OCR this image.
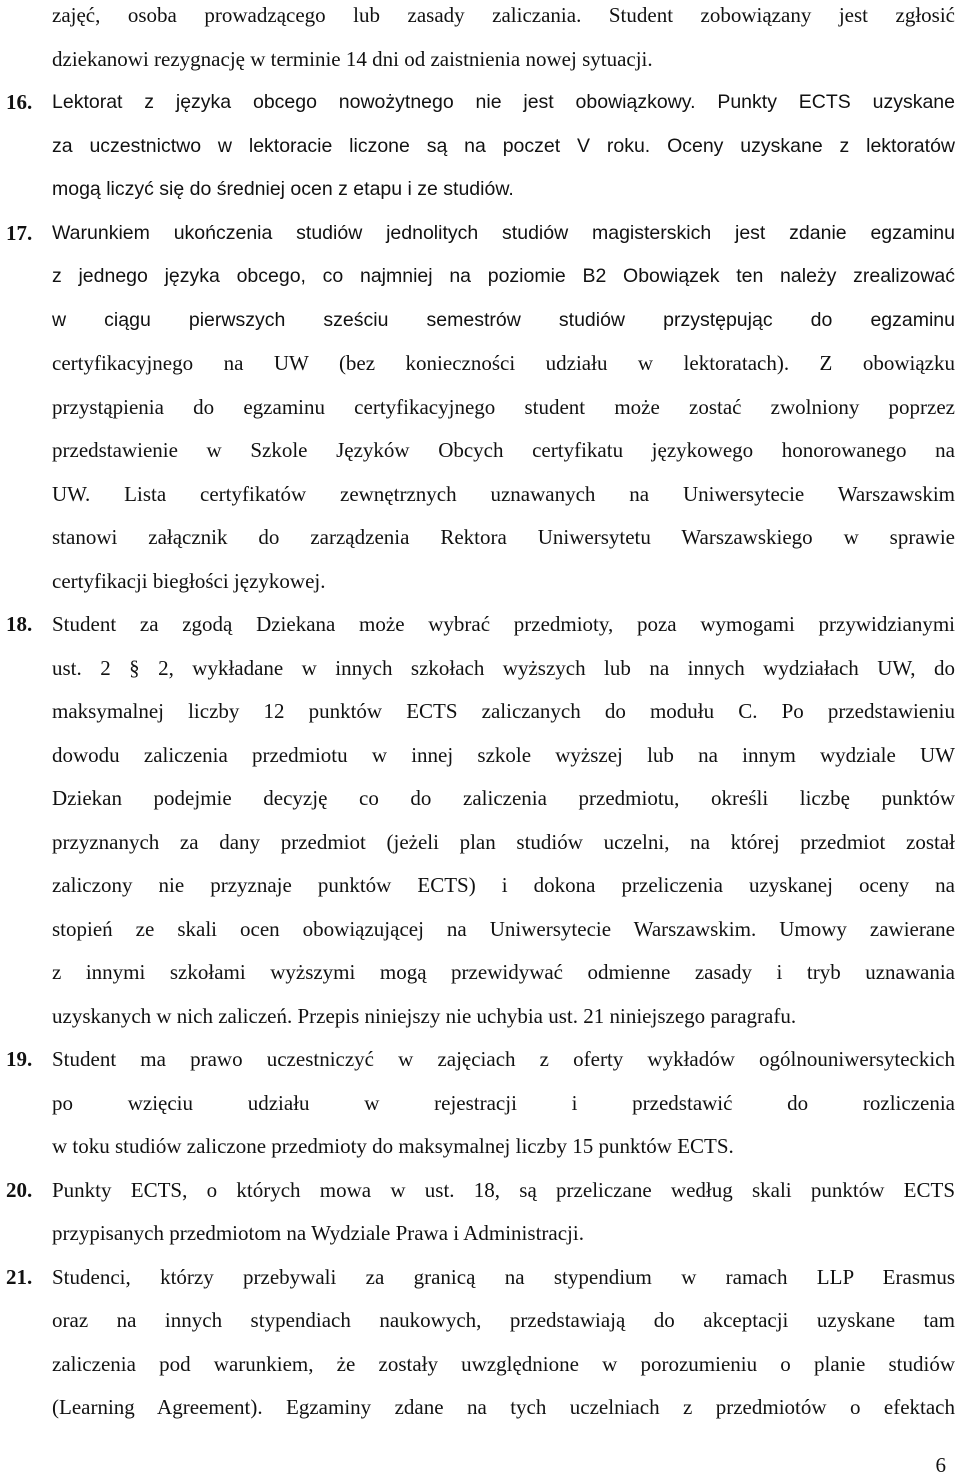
zajęć, osoba prowadzącego lub zasady zaliczania. Student zobowiązany jest zgłosić
dziekanowi rezygnację w terminie 14 dni od zaistnienia nowej sytuacji.
16.	Lektorat z języka obcego nowożytnego nie jest obowiązkowy. Punkty ECTS uzyskane
za uczestnictwo w lektoracie liczone są na poczet V roku. Oceny uzyskane z lektoratów
mogą liczyć się do średniej ocen z etapu i ze studiów.
17.	Warunkiem ukończenia studiów jednolitych studiów magisterskich jest zdanie egzaminu
z jednego języka obcego, co najmniej na poziomie B2 Obowiązek ten należy zrealizować
w ciągu pierwszych sześciu semestrów studiów przystępując do egzaminu
certyfikacyjnego na UW (bez konieczności udziału w lektoratach). Z obowiązku
przystąpienia do egzaminu certyfikacyjnego student może zostać zwolniony poprzez
przedstawienie w Szkole Języków Obcych certyfikatu językowego honorowanego na
UW. Lista certyfikatów zewnętrznych uznawanych na Uniwersytecie Warszawskim
stanowi załącznik do zarządzenia Rektora Uniwersytetu Warszawskiego w sprawie
certyfikacji biegłości językowej.
18. Student za zgodą Dziekana może wybrać przedmioty, poza wymogami przywidzianymi
ust. 2 § 2, wykładane w innych szkołach wyższych lub na innych wydziałach UW, do
maksymalnej liczby 12 punktów ECTS zaliczanych do modułu C. Po przedstawieniu
dowodu zaliczenia przedmiotu w innej szkole wyższej lub na innym wydziale UW
Dziekan podejmie decyzję co do zaliczenia przedmiotu, określi liczbę punktów
przyznanych za dany przedmiot (jeżeli plan studiów uczelni, na której przedmiot został
zaliczony nie przyznaje punktów ECTS) i dokona przeliczenia uzyskanej oceny na
stopień ze skali ocen obowiązującej na Uniwersytecie Warszawskim. Umowy zawierane
z innymi szkołami wyższymi mogą przewidywać odmienne zasady i tryb uznawania
uzyskanych w nich zaliczeń. Przepis niniejszy nie uchybia ust. 21 niniejszego paragrafu.
19. Student ma prawo uczestniczyć w zajęciach z oferty wykładów ogólnouniwersyteckich
po wzięciu udziału w rejestracji i przedstawić do rozliczenia
w toku studiów zaliczone przedmioty do maksymalnej liczby 15 punktów ECTS.
20. Punkty ECTS, o których mowa w ust. 18, są przeliczane według skali punktów ECTS
przypisanych przedmiotom na Wydziale Prawa i Administracji.
21. Studenci, którzy przebywali za granicą na stypendium w ramach LLP Erasmus
oraz na innych stypendiach naukowych, przedstawiają do akceptacji uzyskane tam
zaliczenia pod warunkiem, że zostały uwzględnione w porozumieniu o planie studiów
(Learning Agreement). Egzaminy zdane na tych uczelniach z przedmiotów o efektach
6
